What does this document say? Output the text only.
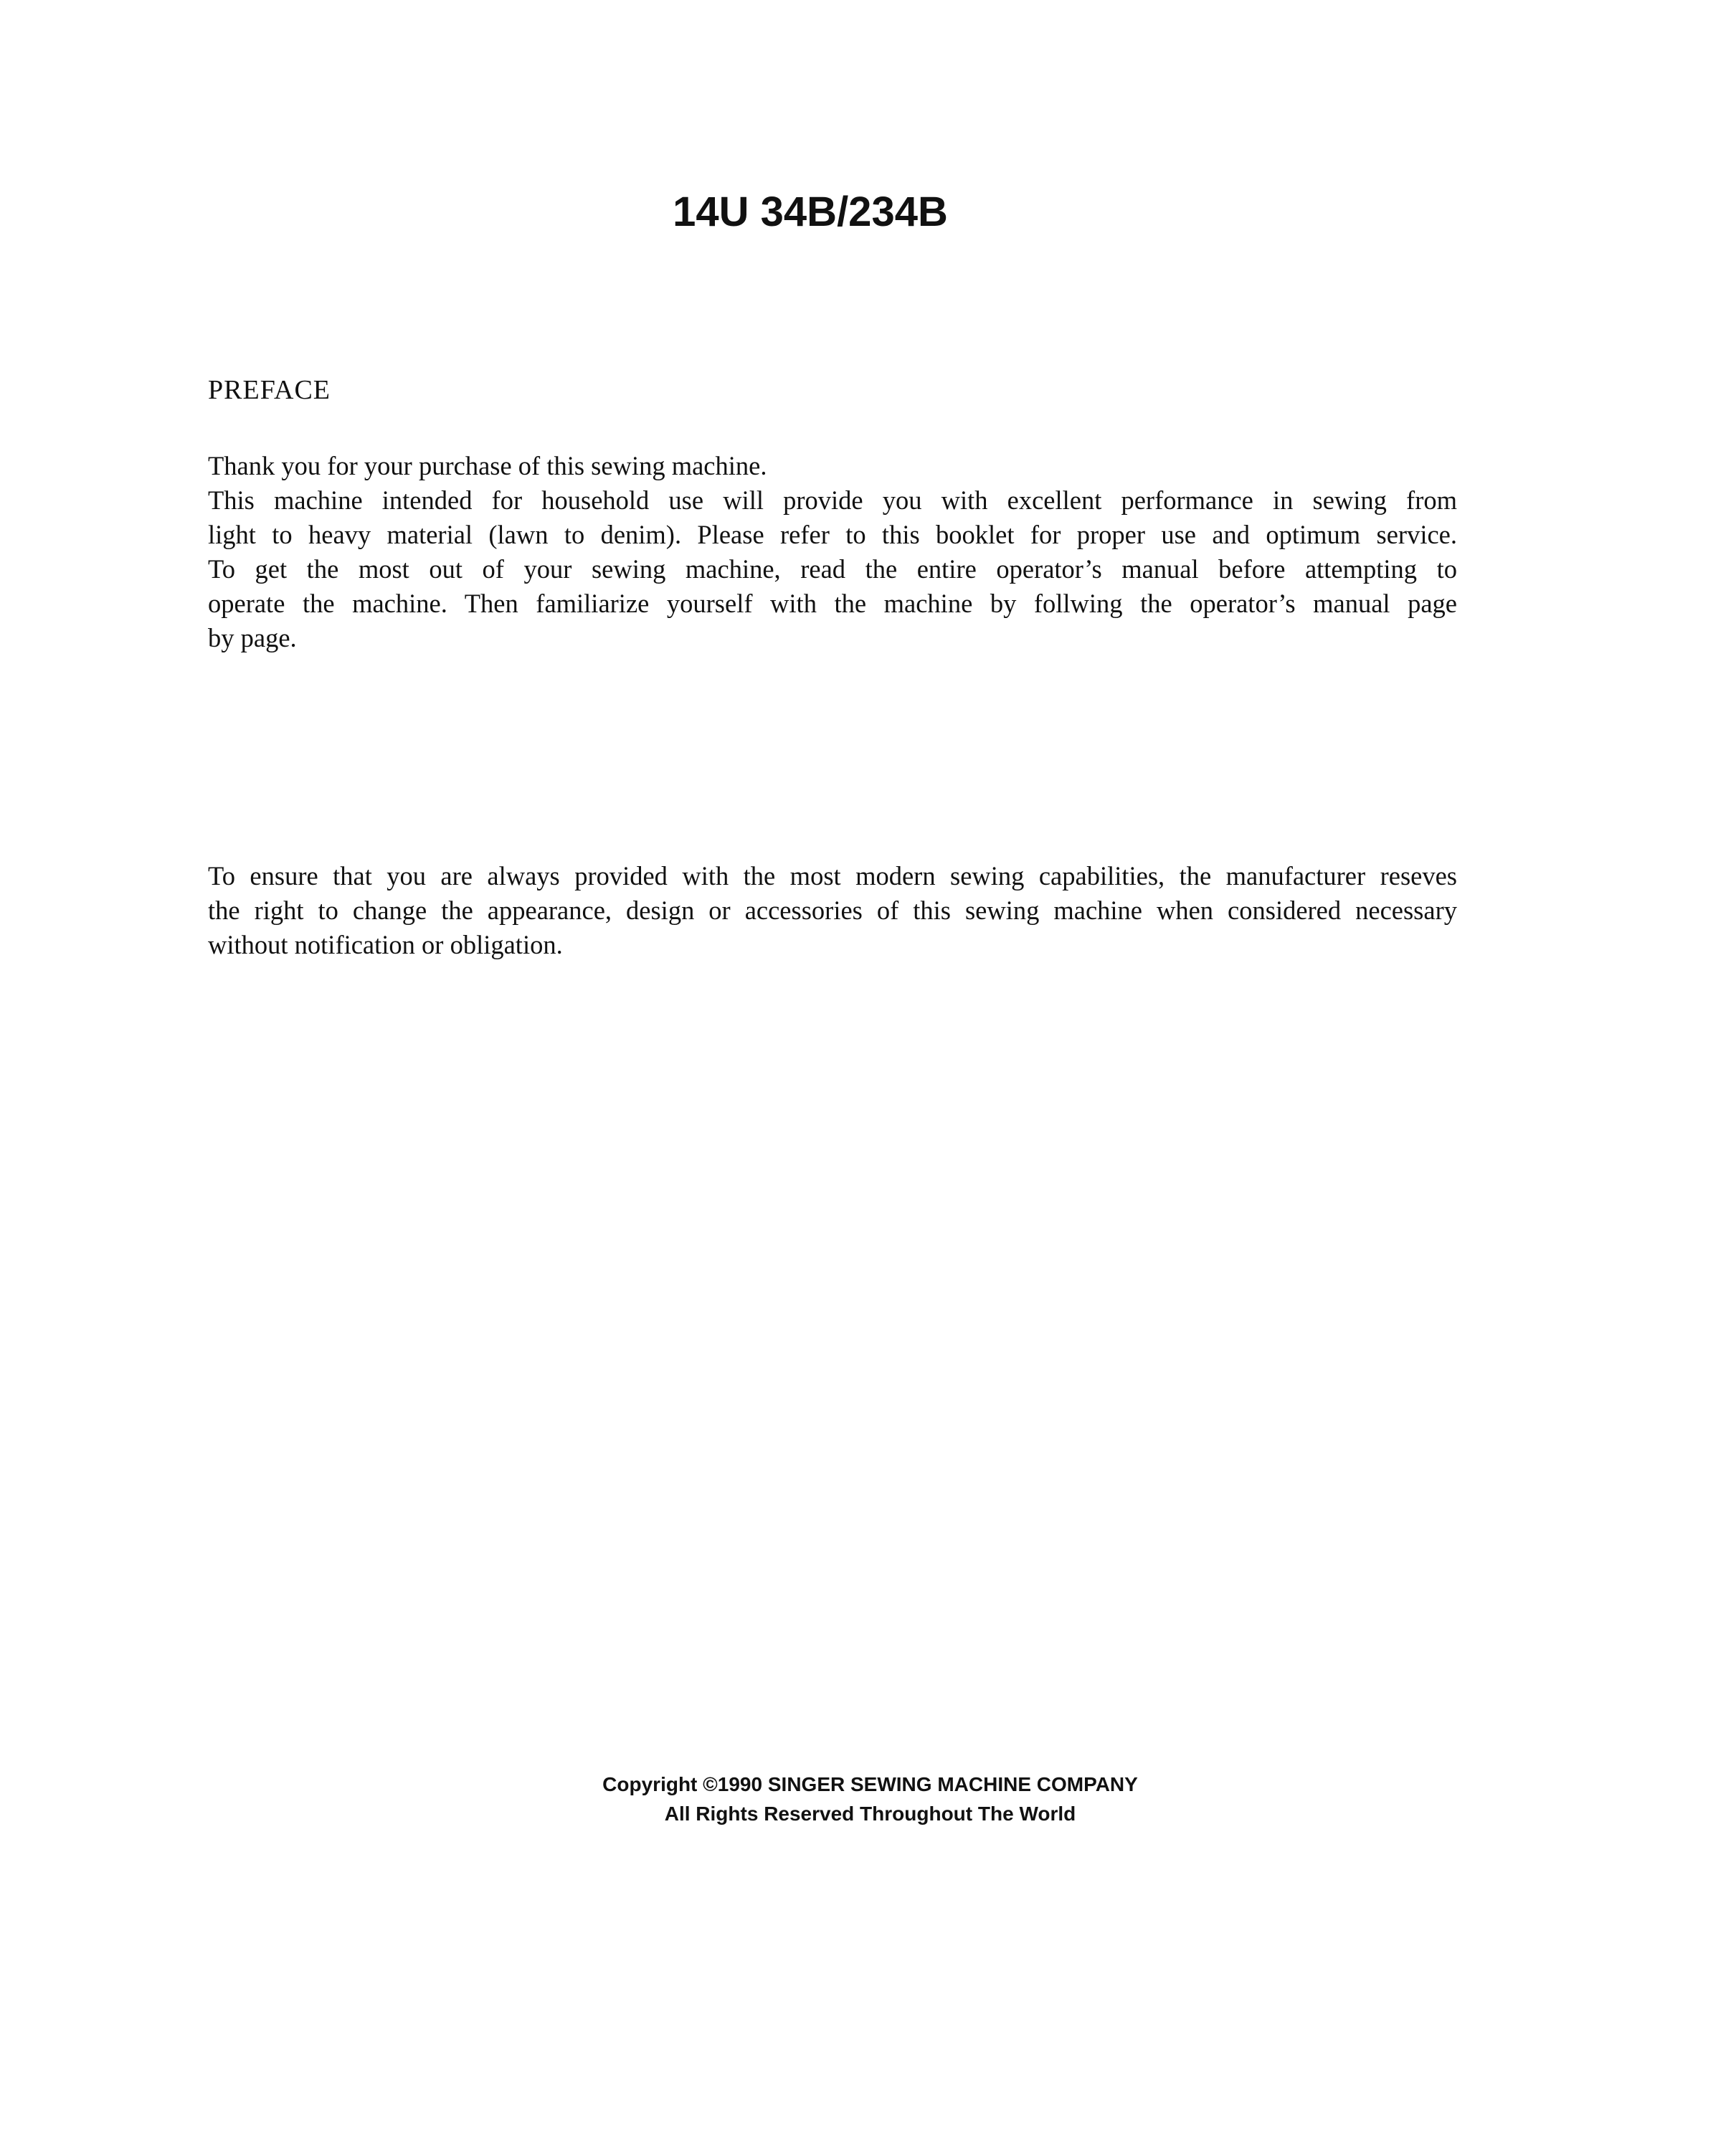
14U 34B/234B
PREFACE

Thank you for your purchase of this sewing machine.
This machine intended for household use will provide you with excellent performance in sewing from
light to heavy material (lawn to denim). Please refer to this booklet for proper use and optimum service.
To get the most out of your sewing machine, read the entire operator’s manual before attempting to
operate the machine. Then familiarize yourself with the machine by follwing the operator’s manual page
by page.

To ensure that you are always provided with the most modern sewing capabilities, the manufacturer reseves
the right to change the appearance, design or accessories of this sewing machine when considered necessary
without notification or obligation.

Copyright ©1990 SINGER SEWING MACHINE COMPANY
All Rights Reserved Throughout The World
